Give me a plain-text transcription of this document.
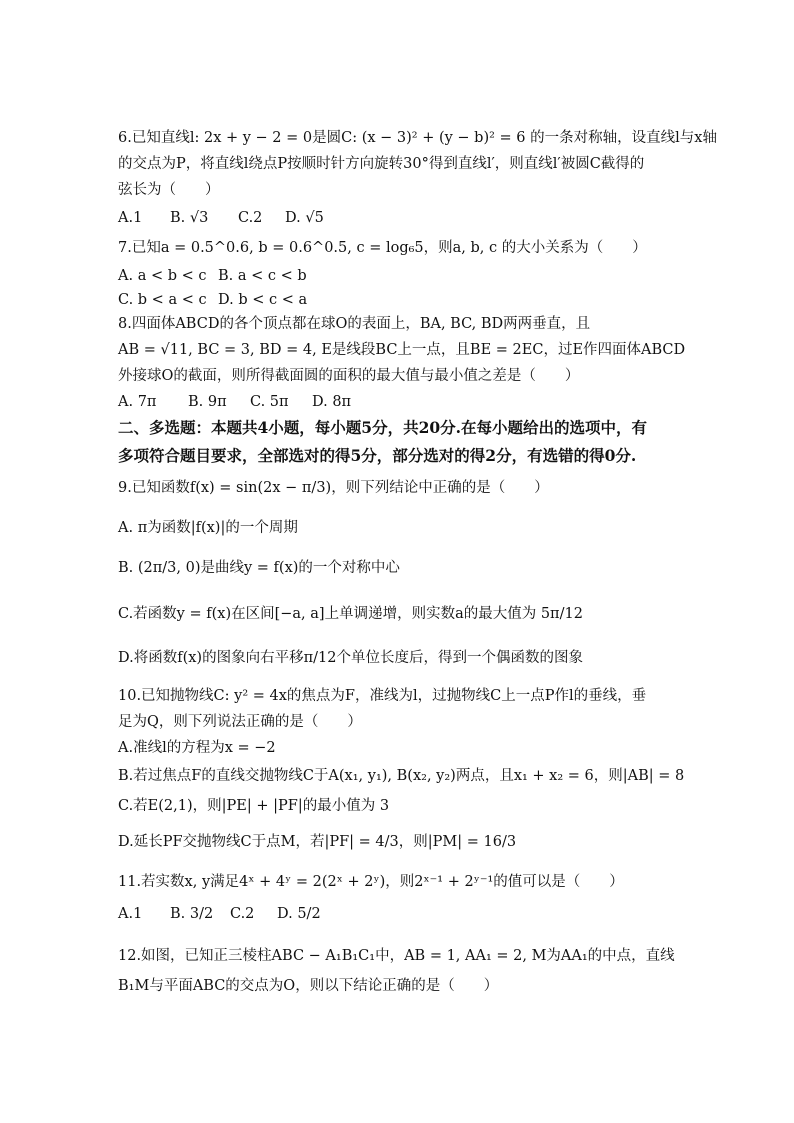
6.已知直线l: 2x + y − 2 = 0是圆C: (x − 3)² + (y − b)² = 6 的一条对称轴，设直线l与x轴
的交点为P，将直线l绕点P按顺时针方向旋转30°得到直线l′，则直线l′被圆C截得的
弦长为（　　）
A.1 B. √3 C.2 D. √5
7.已知a = 0.5^0.6, b = 0.6^0.5, c = log₆5，则a, b, c 的大小关系为（　　）
A. a < b < c B. a < c < b
C. b < a < c D. b < c < a
8.四面体ABCD的各个顶点都在球O的表面上，BA, BC, BD两两垂直，且
AB = √11, BC = 3, BD = 4, E是线段BC上一点，且BE = 2EC，过E作四面体ABCD
外接球O的截面，则所得截面圆的面积的最大值与最小值之差是（　　）
A. 7π B. 9π C. 5π D. 8π
二、多选题：本题共4小题，每小题5分，共20分.在每小题给出的选项中，有
多项符合题目要求，全部选对的得5分，部分选对的得2分，有选错的得0分.
9.已知函数f(x) = sin(2x − π/3)，则下列结论中正确的是（　　）
A. π为函数|f(x)|的一个周期
B. (2π/3, 0)是曲线y = f(x)的一个对称中心
C.若函数y = f(x)在区间[−a, a]上单调递增，则实数a的最大值为 5π/12
D.将函数f(x)的图象向右平移π/12个单位长度后，得到一个偶函数的图象
10.已知抛物线C: y² = 4x的焦点为F，准线为l，过抛物线C上一点P作l的垂线，垂
足为Q，则下列说法正确的是（　　）
A.准线l的方程为x = −2
B.若过焦点F的直线交抛物线C于A(x₁, y₁), B(x₂, y₂)两点，且x₁ + x₂ = 6，则|AB| = 8
C.若E(2,1)，则|PE| + |PF|的最小值为 3
D.延长PF交抛物线C于点M，若|PF| = 4/3，则|PM| = 16/3
11.若实数x, y满足4ˣ + 4ʸ = 2(2ˣ + 2ʸ)，则2ˣ⁻¹ + 2ʸ⁻¹的值可以是（　　）
A.1 B. 3/2 C.2 D. 5/2
12.如图，已知正三棱柱ABC − A₁B₁C₁中，AB = 1, AA₁ = 2, M为AA₁的中点，直线
B₁M与平面ABC的交点为O，则以下结论正确的是（　　）
